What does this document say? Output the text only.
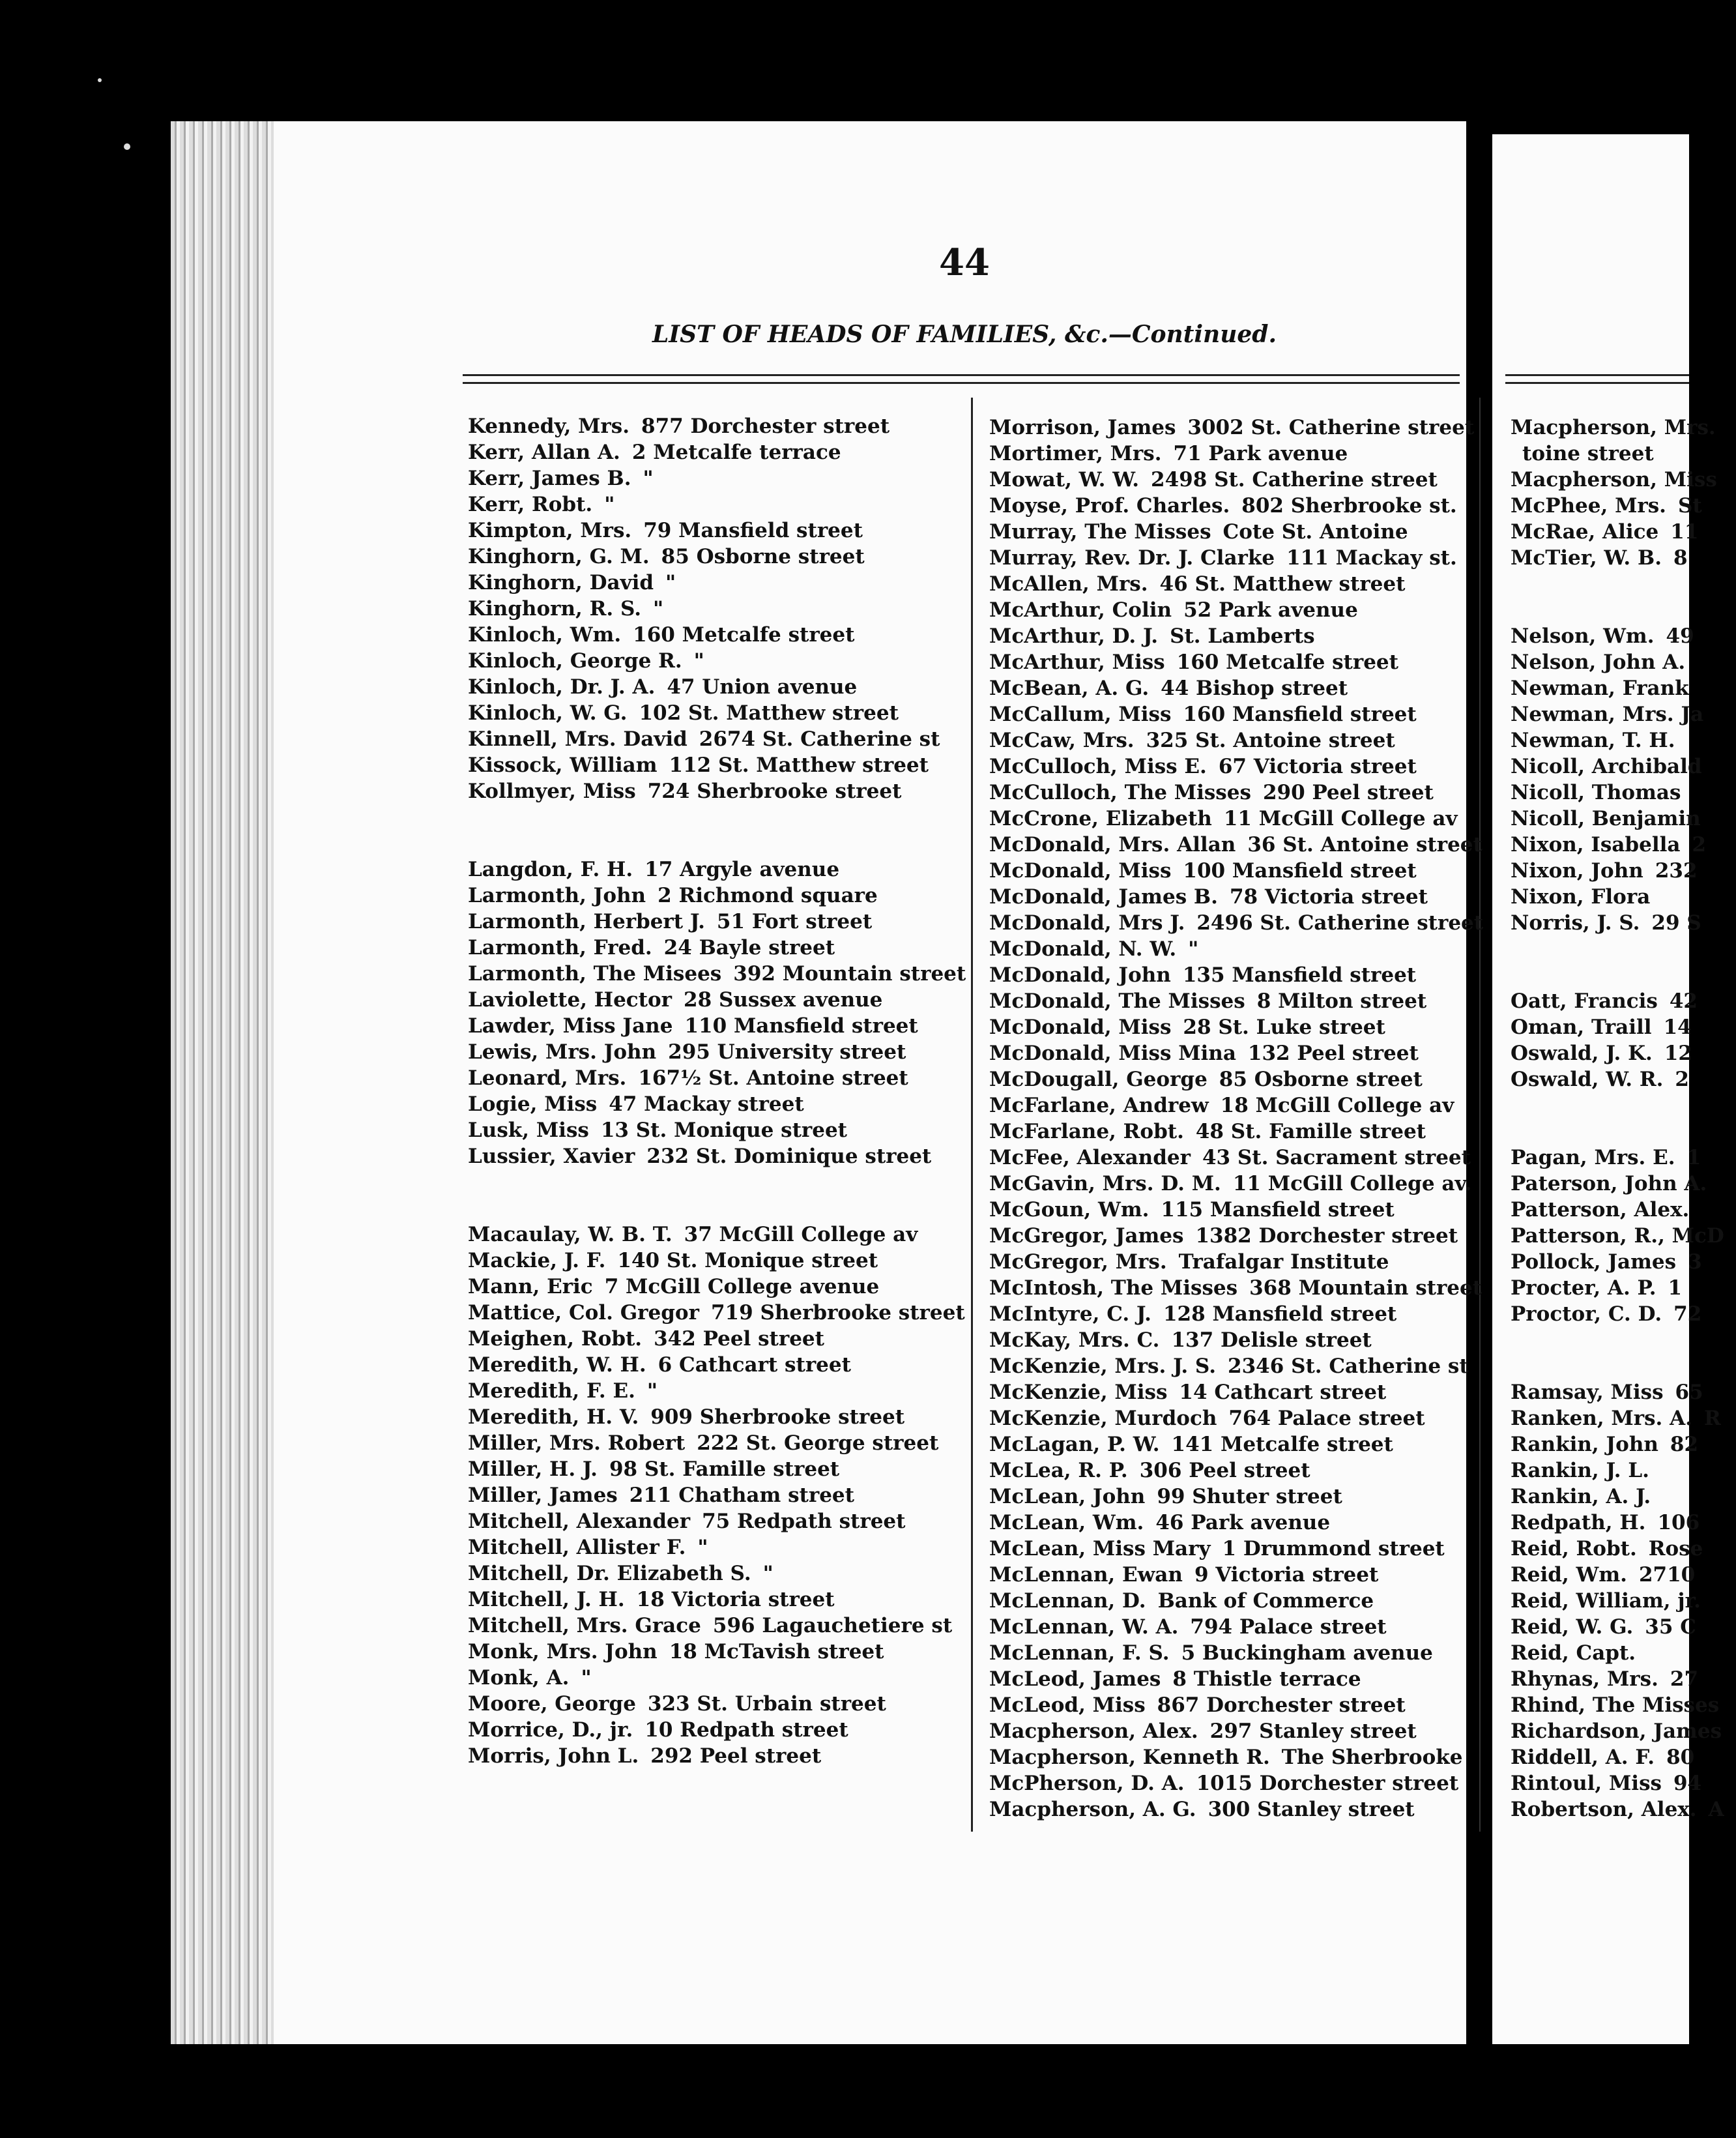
44
LIST OF HEADS OF FAMILIES, &c.—Continued.
Kennedy, Mrs. 877 Dorchester street
Kerr, Allan A. 2 Metcalfe terrace
Kerr, James B. "
Kerr, Robt. "
Kimpton, Mrs. 79 Mansfield street
Kinghorn, G. M. 85 Osborne street
Kinghorn, David "
Kinghorn, R. S. "
Kinloch, Wm. 160 Metcalfe street
Kinloch, George R. "
Kinloch, Dr. J. A. 47 Union avenue
Kinloch, W. G. 102 St. Matthew street
Kinnell, Mrs. David 2674 St. Catherine st
Kissock, William 112 St. Matthew street
Kollmyer, Miss 724 Sherbrooke street
Langdon, F. H. 17 Argyle avenue
Larmonth, John 2 Richmond square
Larmonth, Herbert J. 51 Fort street
Larmonth, Fred. 24 Bayle street
Larmonth, The Misees 392 Mountain street
Laviolette, Hector 28 Sussex avenue
Lawder, Miss Jane 110 Mansfield street
Lewis, Mrs. John 295 University street
Leonard, Mrs. 167½ St. Antoine street
Logie, Miss 47 Mackay street
Lusk, Miss 13 St. Monique street
Lussier, Xavier 232 St. Dominique street
Macaulay, W. B. T. 37 McGill College av
Mackie, J. F. 140 St. Monique street
Mann, Eric 7 McGill College avenue
Mattice, Col. Gregor 719 Sherbrooke street
Meighen, Robt. 342 Peel street
Meredith, W. H. 6 Cathcart street
Meredith, F. E. "
Meredith, H. V. 909 Sherbrooke street
Miller, Mrs. Robert 222 St. George street
Miller, H. J. 98 St. Famille street
Miller, James 211 Chatham street
Mitchell, Alexander 75 Redpath street
Mitchell, Allister F. "
Mitchell, Dr. Elizabeth S. "
Mitchell, J. H. 18 Victoria street
Mitchell, Mrs. Grace 596 Lagauchetiere st
Monk, Mrs. John 18 McTavish street
Monk, A. "
Moore, George 323 St. Urbain street
Morrice, D., jr. 10 Redpath street
Morris, John L. 292 Peel street
Morrison, James 3002 St. Catherine street
Mortimer, Mrs. 71 Park avenue
Mowat, W. W. 2498 St. Catherine street
Moyse, Prof. Charles. 802 Sherbrooke st.
Murray, The Misses Cote St. Antoine
Murray, Rev. Dr. J. Clarke 111 Mackay st.
McAllen, Mrs. 46 St. Matthew street
McArthur, Colin 52 Park avenue
McArthur, D. J. St. Lamberts
McArthur, Miss 160 Metcalfe street
McBean, A. G. 44 Bishop street
McCallum, Miss 160 Mansfield street
McCaw, Mrs. 325 St. Antoine street
McCulloch, Miss E. 67 Victoria street
McCulloch, The Misses 290 Peel street
McCrone, Elizabeth 11 McGill College av
McDonald, Mrs. Allan 36 St. Antoine street
McDonald, Miss 100 Mansfield street
McDonald, James B. 78 Victoria street
McDonald, Mrs J. 2496 St. Catherine street
McDonald, N. W. "
McDonald, John 135 Mansfield street
McDonald, The Misses 8 Milton street
McDonald, Miss 28 St. Luke street
McDonald, Miss Mina 132 Peel street
McDougall, George 85 Osborne street
McFarlane, Andrew 18 McGill College av
McFarlane, Robt. 48 St. Famille street
McFee, Alexander 43 St. Sacrament street
McGavin, Mrs. D. M. 11 McGill College av.
McGoun, Wm. 115 Mansfield street
McGregor, James 1382 Dorchester street
McGregor, Mrs. Trafalgar Institute
McIntosh, The Misses 368 Mountain street
McIntyre, C. J. 128 Mansfield street
McKay, Mrs. C. 137 Delisle street
McKenzie, Mrs. J. S. 2346 St. Catherine st
McKenzie, Miss 14 Cathcart street
McKenzie, Murdoch 764 Palace street
McLagan, P. W. 141 Metcalfe street
McLea, R. P. 306 Peel street
McLean, John 99 Shuter street
McLean, Wm. 46 Park avenue
McLean, Miss Mary 1 Drummond street
McLennan, Ewan 9 Victoria street
McLennan, D. Bank of Commerce
McLennan, W. A. 794 Palace street
McLennan, F. S. 5 Buckingham avenue
McLeod, James 8 Thistle terrace
McLeod, Miss 867 Dorchester street
Macpherson, Alex. 297 Stanley street
Macpherson, Kenneth R. The Sherbrooke
McPherson, D. A. 1015 Dorchester street
Macpherson, A. G. 300 Stanley street
Macpherson, Mrs.
toine street
Macpherson, Miss
McPhee, Mrs. St
McRae, Alice 11
McTier, W. B. 8
Nelson, Wm. 49
Nelson, John A.
Newman, Frank
Newman, Mrs. Ja
Newman, T. H.
Nicoll, Archibald
Nicoll, Thomas
Nicoll, Benjamin
Nixon, Isabella 2
Nixon, John 232
Nixon, Flora
Norris, J. S. 29 S
Oatt, Francis 42
Oman, Traill 14
Oswald, J. K. 12
Oswald, W. R. 2
Pagan, Mrs. E. 1
Paterson, John A.
Patterson, Alex.
Patterson, R., McD
Pollock, James 3
Procter, A. P. 1
Proctor, C. D. 72
Ramsay, Miss 65
Ranken, Mrs. A. R
Rankin, John 82
Rankin, J. L.
Rankin, A. J.
Redpath, H. 106
Reid, Robt. Rose
Reid, Wm. 2710
Reid, William, jr.
Reid, W. G. 35 C
Reid, Capt.
Rhynas, Mrs. 27
Rhind, The Misses
Richardson, James
Riddell, A. F. 80
Rintoul, Miss 94
Robertson, Alex. A
